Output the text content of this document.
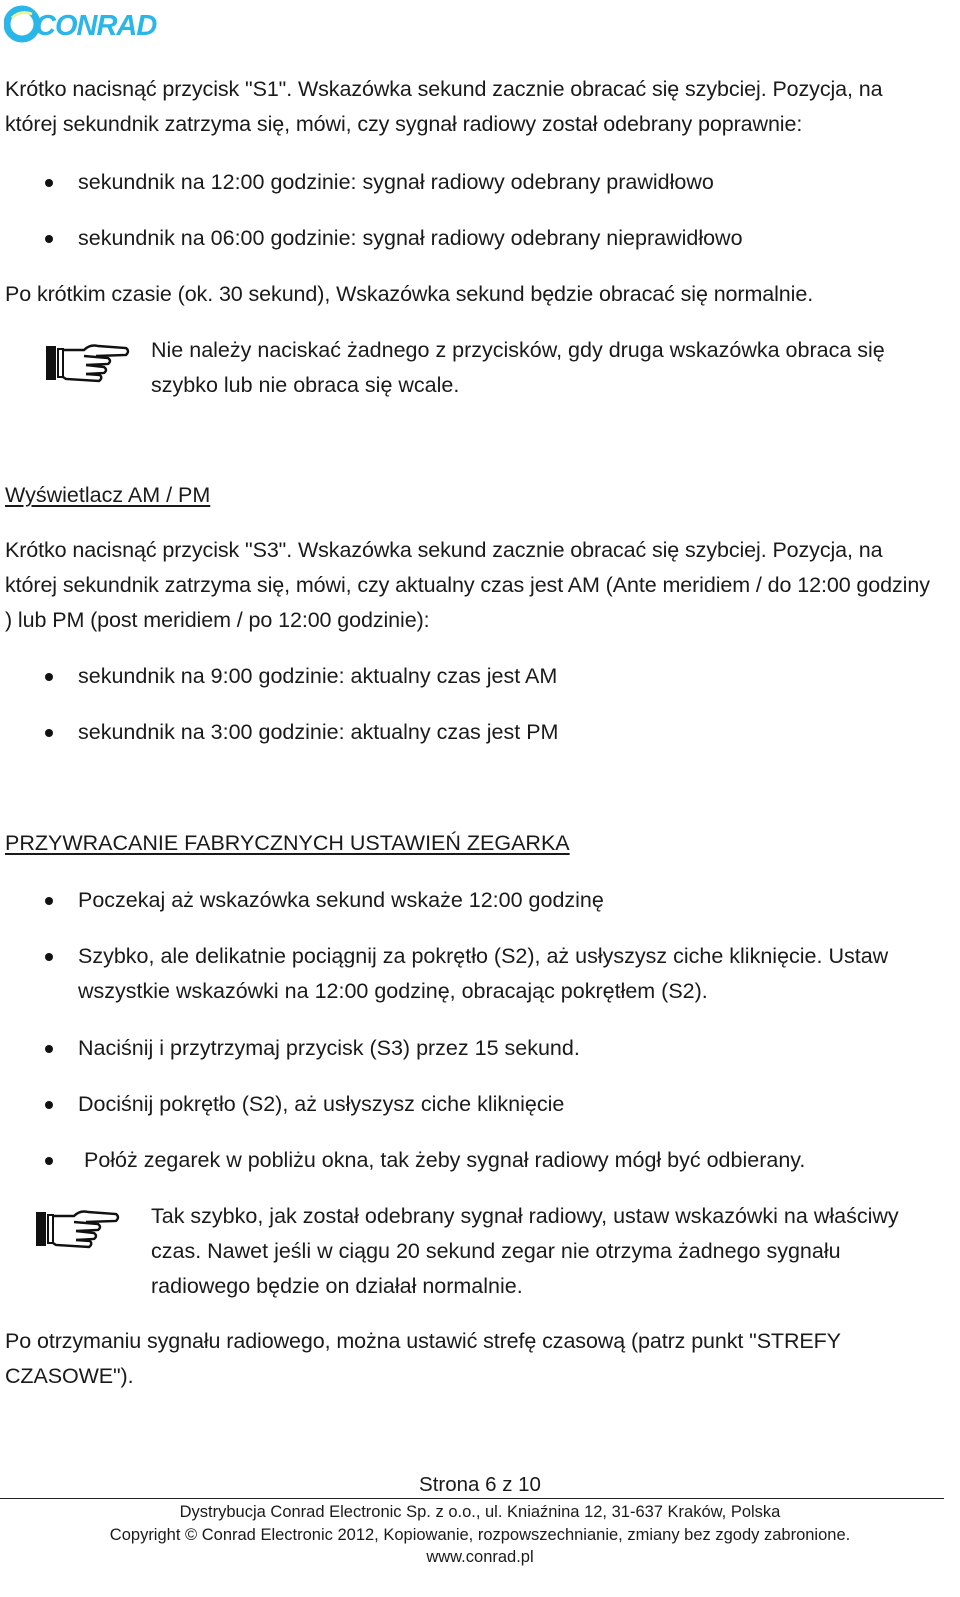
CONRAD

Krótko nacisnąć przycisk "S1". Wskazówka sekund zacznie obracać się szybciej. Pozycja, na której sekundnik zatrzyma się, mówi, czy sygnał radiowy został odebrany poprawnie:

sekundnik na 12:00 godzinie: sygnał radiowy odebrany prawidłowo
sekundnik na 06:00 godzinie: sygnał radiowy odebrany nieprawidłowo

Po krótkim czasie (ok. 30 sekund), Wskazówka sekund będzie obracać się normalnie.

Nie należy naciskać żadnego z przycisków, gdy druga wskazówka obraca się szybko lub nie obraca się wcale.

Wyświetlacz AM / PM

Krótko nacisnąć przycisk "S3". Wskazówka sekund zacznie obracać się szybciej. Pozycja, na której sekundnik zatrzyma się, mówi, czy aktualny czas jest AM (Ante meridiem / do 12:00 godziny ) lub PM (post meridiem / po 12:00 godzinie):

sekundnik na 9:00 godzinie: aktualny czas jest AM
sekundnik na 3:00 godzinie: aktualny czas jest PM
PRZYWRACANIE FABRYCZNYCH USTAWIEŃ ZEGARKA
Poczekaj aż wskazówka sekund wskaże 12:00 godzinę
Szybko, ale delikatnie pociągnij za pokrętło (S2), aż usłyszysz ciche kliknięcie. Ustaw wszystkie wskazówki na 12:00 godzinę, obracając pokrętłem (S2).
Naciśnij i przytrzymaj przycisk (S3) przez 15 sekund.
Dociśnij pokrętło (S2), aż usłyszysz ciche kliknięcie
Połóż zegarek w pobliżu okna, tak żeby sygnał radiowy mógł być odbierany.

Tak szybko, jak został odebrany sygnał radiowy, ustaw wskazówki na właściwy czas. Nawet jeśli w ciągu 20 sekund zegar nie otrzyma żadnego sygnału radiowego będzie on działał normalnie.

Po otrzymaniu sygnału radiowego, można ustawić strefę czasową (patrz punkt "STREFY CZASOWE").

Strona 6 z 10
Dystrybucja Conrad Electronic Sp. z o.o., ul. Kniaźnina 12, 31-637 Kraków, Polska
Copyright © Conrad Electronic 2012, Kopiowanie, rozpowszechnianie, zmiany bez zgody zabronione.
www.conrad.pl
